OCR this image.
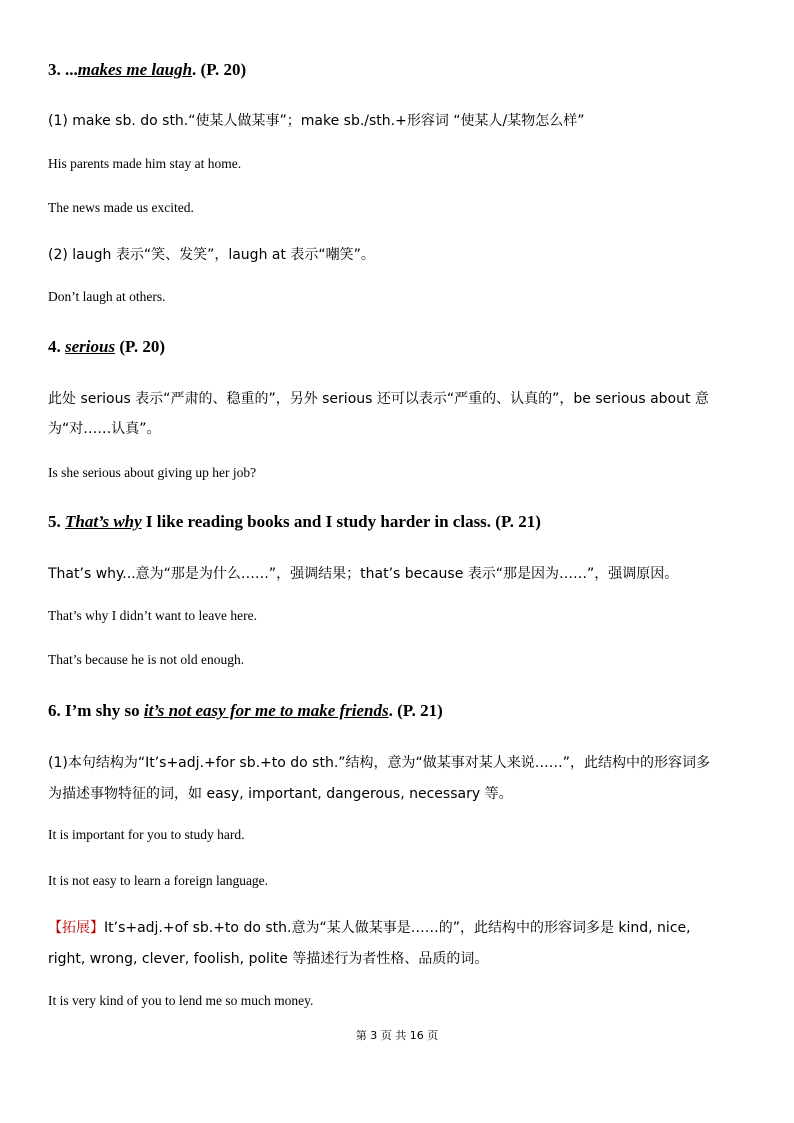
3. ...makes me laugh. (P. 20)
(1) make sb. do sth.“使某人做某事”；make sb./sth.+形容词 “使某人/某物怎么样”
His parents made him stay at home.
The news made us excited.
(2) laugh 表示“笑、发笑”，laugh at 表示“嘲笑”。
Don’t laugh at others.
4. serious (P. 20)
此处 serious 表示“严肃的、稳重的”，另外 serious 还可以表示“严重的、认真的”，be serious about 意
为“对……认真”。
Is she serious about giving up her job?
5. That’s why I like reading books and I study harder in class. (P. 21)
That’s why...意为“那是为什么……”，强调结果；that’s because 表示“那是因为……”，强调原因。
That’s why I didn’t want to leave here.
That’s because he is not old enough.
6. I’m shy so it’s not easy for me to make friends. (P. 21)
(1)本句结构为“It’s+adj.+for sb.+to do sth.”结构，意为“做某事对某人来说……”，此结构中的形容词多
为描述事物特征的词，如 easy, important, dangerous, necessary 等。
It is important for you to study hard.
It is not easy to learn a foreign language.
【拓展】It’s+adj.+of sb.+to do sth.意为“某人做某事是……的”，此结构中的形容词多是 kind, nice,
right, wrong, clever, foolish, polite 等描述行为者性格、品质的词。
It is very kind of you to lend me so much money.
第 3 页 共 16 页
